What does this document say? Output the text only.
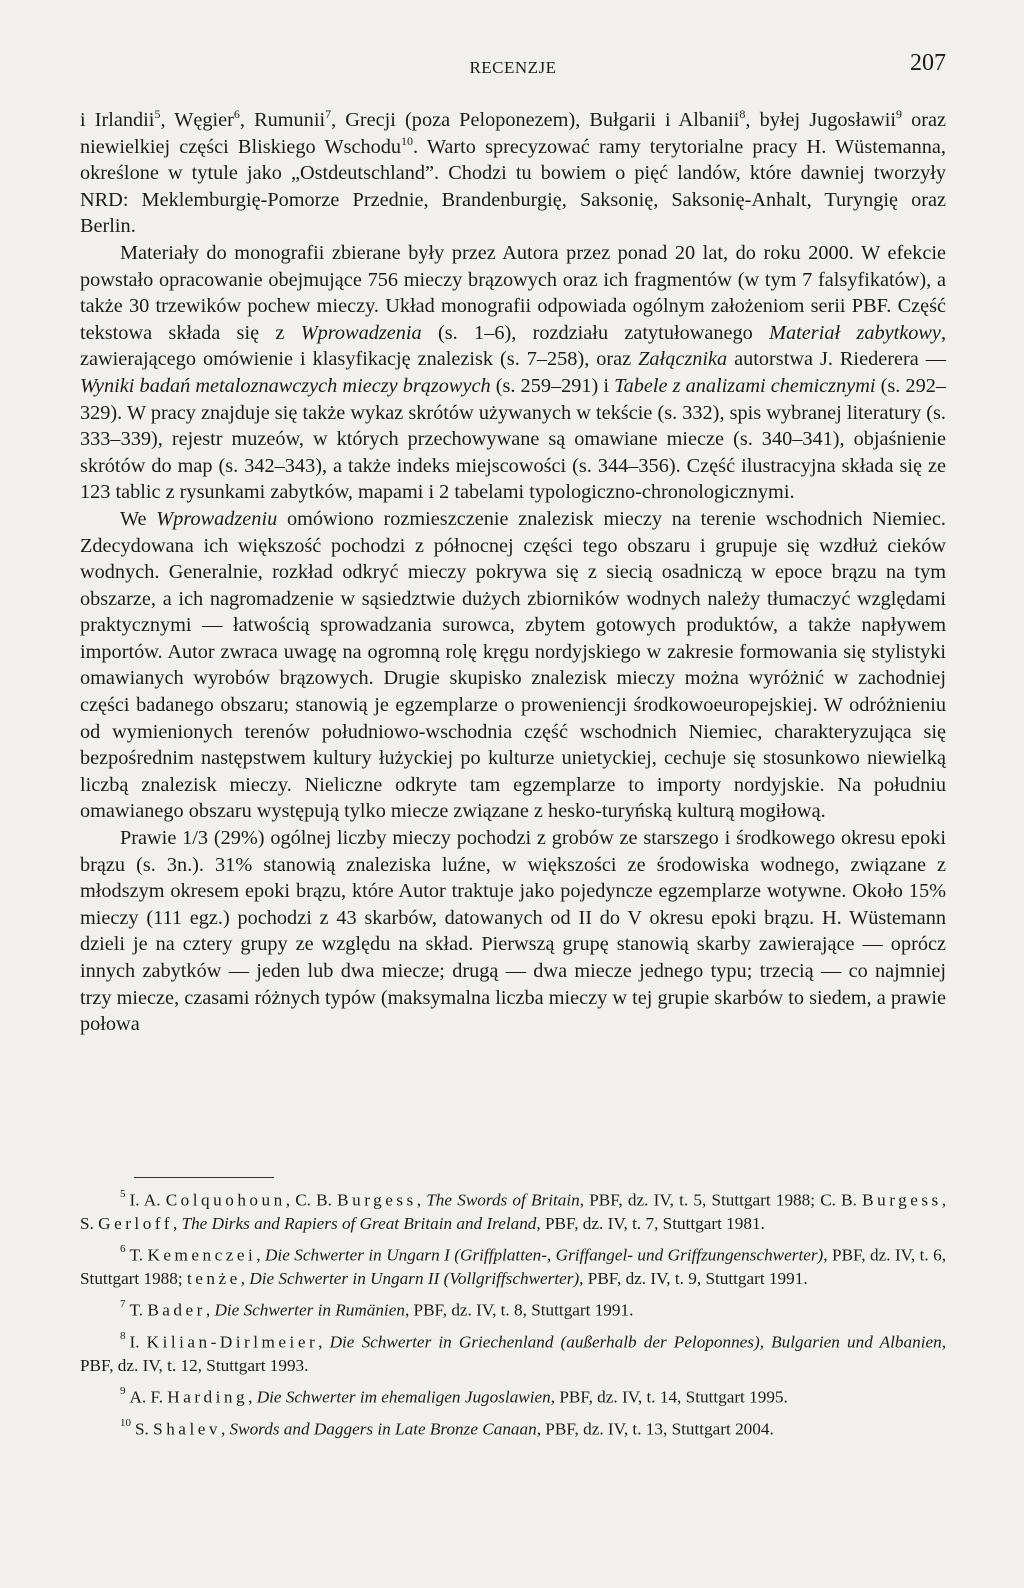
RECENZJE	207

i Irlandii$^5$, Węgier$^6$, Rumunii$^7$, Grecji (poza Peloponezem), Bułgarii i Albanii$^8$, byłej Jugosławii$^9$ oraz niewielkiej części Bliskiego Wschodu$^{10}$. Warto sprecyzować ramy terytorialne pracy H. Wüstemanna, określone w tytule jako „Ostdeutschland”. Chodzi tu bowiem o pięć landów, które dawniej tworzyły NRD: Meklemburgię-Pomorze Przednie, Brandenburgię, Saksonię, Saksonię-Anhalt, Turyngię oraz Berlin.

Materiały do monografii zbierane były przez Autora przez ponad 20 lat, do roku 2000. W efekcie powstało opracowanie obejmujące 756 mieczy brązowych oraz ich fragmentów (w tym 7 falsyfikatów), a także 30 trzewików pochew mieczy. Układ monografii odpowiada ogólnym założeniom serii PBF. Część tekstowa składa się z Wprowadzenia (s. 1–6), rozdziału zatytułowanego Materiał zabytkowy, zawierającego omówienie i klasyfikację znalezisk (s. 7–258), oraz Załącznika autorstwa J. Riederera — Wyniki badań metaloznawczych mieczy brązowych (s. 259–291) i Tabele z analizami chemicznymi (s. 292–329). W pracy znajduje się także wykaz skrótów używanych w tekście (s. 332), spis wybranej literatury (s. 333–339), rejestr muzeów, w których przechowywane są omawiane miecze (s. 340–341), objaśnienie skrótów do map (s. 342–343), a także indeks miejscowości (s. 344–356). Część ilustracyjna składa się ze 123 tablic z rysunkami zabytków, mapami i 2 tabelami typologiczno-chronologicznymi.

We Wprowadzeniu omówiono rozmieszczenie znalezisk mieczy na terenie wschodnich Niemiec. Zdecydowana ich większość pochodzi z północnej części tego obszaru i grupuje się wzdłuż cieków wodnych. Generalnie, rozkład odkryć mieczy pokrywa się z siecią osadniczą w epoce brązu na tym obszarze, a ich nagromadzenie w sąsiedztwie dużych zbiorników wodnych należy tłumaczyć względami praktycznymi — łatwością sprowadzania surowca, zbytem gotowych produktów, a także napływem importów. Autor zwraca uwagę na ogromną rolę kręgu nordyjskiego w zakresie formowania się stylistyki omawianych wyrobów brązowych. Drugie skupisko znalezisk mieczy można wyróżnić w zachodniej części badanego obszaru; stanowią je egzemplarze o proweniencji środkowoeuropejskiej. W odróżnieniu od wymienionych terenów południowo-wschodnia część wschodnich Niemiec, charakteryzująca się bezpośrednim następstwem kultury łużyckiej po kulturze unietyckiej, cechuje się stosunkowo niewielką liczbą znalezisk mieczy. Nieliczne odkryte tam egzemplarze to importy nordyjskie. Na południu omawianego obszaru występują tylko miecze związane z hesko-turyńską kulturą mogiłową.

Prawie 1/3 (29%) ogólnej liczby mieczy pochodzi z grobów ze starszego i środkowego okresu epoki brązu (s. 3n.). 31% stanowią znaleziska luźne, w większości ze środowiska wodnego, związane z młodszym okresem epoki brązu, które Autor traktuje jako pojedyncze egzemplarze wotywne. Około 15% mieczy (111 egz.) pochodzi z 43 skarbów, datowanych od II do V okresu epoki brązu. H. Wüstemann dzieli je na cztery grupy ze względu na skład. Pierwszą grupę stanowią skarby zawierające — oprócz innych zabytków — jeden lub dwa miecze; drugą — dwa miecze jednego typu; trzecią — co najmniej trzy miecze, czasami różnych typów (maksymalna liczba mieczy w tej grupie skarbów to siedem, a prawie połowa

$^5$ I. A. Colquohoun, C. B. Burgess, The Swords of Britain, PBF, dz. IV, t. 5, Stuttgart 1988; C. B. Burgess, S. Gerloff, The Dirks and Rapiers of Great Britain and Ireland, PBF, dz. IV, t. 7, Stuttgart 1981.

$^6$ T. Kemenczei, Die Schwerter in Ungarn I (Griffplatten-, Griffangel- und Griffzungenschwerter), PBF, dz. IV, t. 6, Stuttgart 1988; tenże, Die Schwerter in Ungarn II (Vollgriffschwerter), PBF, dz. IV, t. 9, Stuttgart 1991.

$^7$ T. Bader, Die Schwerter in Rumänien, PBF, dz. IV, t. 8, Stuttgart 1991.

$^8$ I. Kilian-Dirlmeier, Die Schwerter in Griechenland (außerhalb der Peloponnes), Bulgarien und Albanien, PBF, dz. IV, t. 12, Stuttgart 1993.

$^9$ A. F. Harding, Die Schwerter im ehemaligen Jugoslawien, PBF, dz. IV, t. 14, Stuttgart 1995.

$^{10}$ S. Shalev, Swords and Daggers in Late Bronze Canaan, PBF, dz. IV, t. 13, Stuttgart 2004.
